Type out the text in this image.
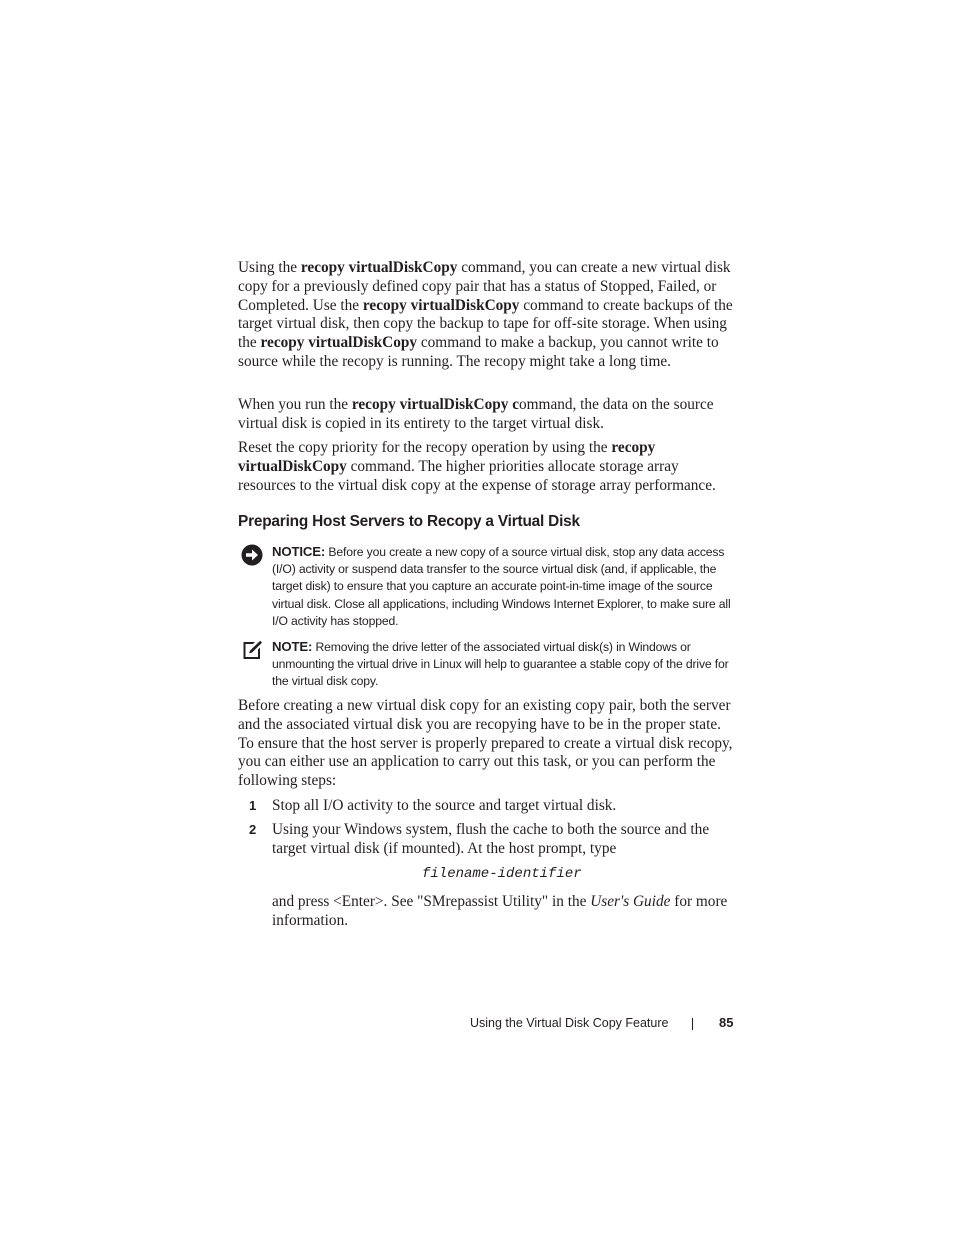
Using the recopy virtualDiskCopy command, you can create a new virtual disk copy for a previously defined copy pair that has a status of Stopped, Failed, or Completed. Use the recopy virtualDiskCopy command to create backups of the target virtual disk, then copy the backup to tape for off-site storage. When using the recopy virtualDiskCopy command to make a backup, you cannot write to source while the recopy is running. The recopy might take a long time.

When you run the recopy virtualDiskCopy command, the data on the source virtual disk is copied in its entirety to the target virtual disk.

Reset the copy priority for the recopy operation by using the recopy virtualDiskCopy command. The higher priorities allocate storage array resources to the virtual disk copy at the expense of storage array performance.

Preparing Host Servers to Recopy a Virtual Disk

NOTICE: Before you create a new copy of a source virtual disk, stop any data access (I/O) activity or suspend data transfer to the source virtual disk (and, if applicable, the target disk) to ensure that you capture an accurate point-in-time image of the source virtual disk. Close all applications, including Windows Internet Explorer, to make sure all I/O activity has stopped.

NOTE: Removing the drive letter of the associated virtual disk(s) in Windows or unmounting the virtual drive in Linux will help to guarantee a stable copy of the drive for the virtual disk copy.

Before creating a new virtual disk copy for an existing copy pair, both the server and the associated virtual disk you are recopying have to be in the proper state. To ensure that the host server is properly prepared to create a virtual disk recopy, you can either use an application to carry out this task, or you can perform the following steps:

1 Stop all I/O activity to the source and target virtual disk.

2 Using your Windows system, flush the cache to both the source and the target virtual disk (if mounted). At the host prompt, type

filename-identifier

and press <Enter>. See "SMrepassist Utility" in the User's Guide for more information.

Using the Virtual Disk Copy Feature	85
